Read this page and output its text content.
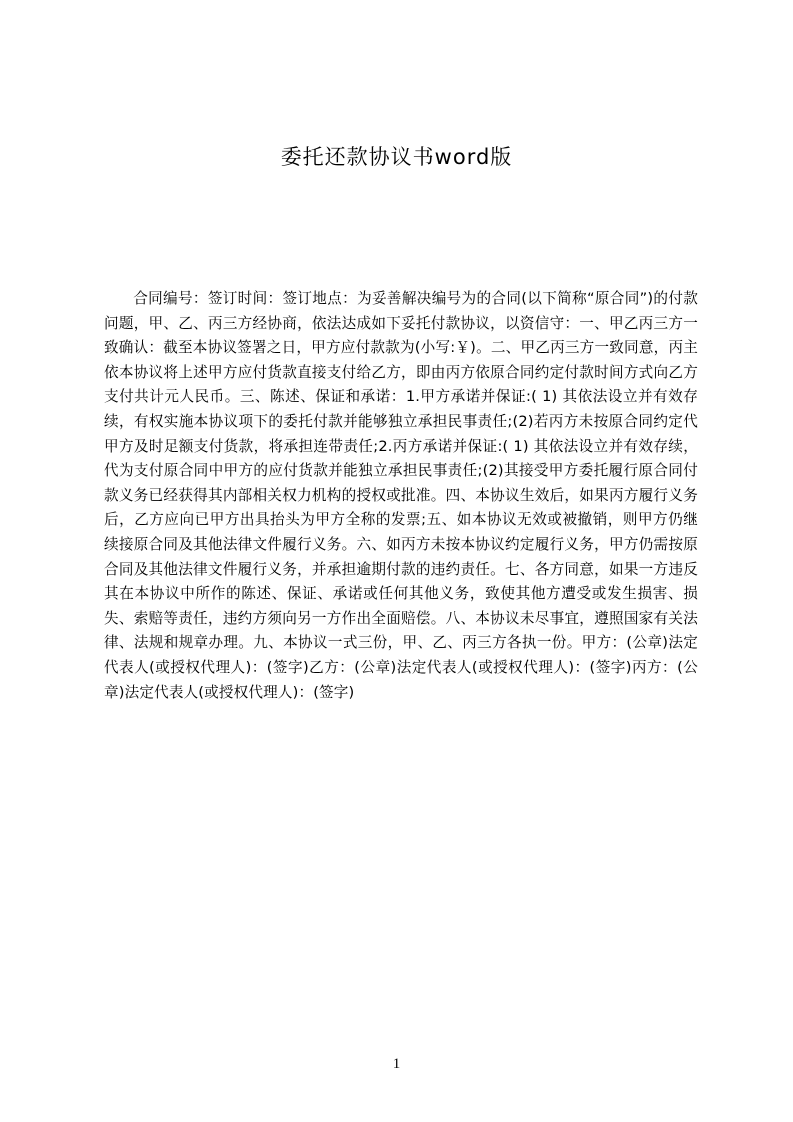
委托还款协议书word版

合同编号：签订时间：签订地点：为妥善解决编号为的合同(以下简称“原合同”)的付款问题，甲、乙、丙三方经协商，依法达成如下妥托付款协议，以资信守：一、甲乙丙三方一致确认：截至本协议签署之日，甲方应付款款为(小写:￥)。二、甲乙丙三方一致同意，丙主依本协议将上述甲方应付货款直接支付给乙方，即由丙方依原合同约定付款时间方式向乙方支付共计元人民币。三、陈述、保证和承诺：1.甲方承诺并保证:( 1) 其依法设立并有效存续，有权实施本协议项下的委托付款并能够独立承担民事责任;(2)若丙方未按原合同约定代甲方及时足额支付货款，将承担连带责任;2.丙方承诺并保证:( 1) 其依法设立并有效存续，代为支付原合同中甲方的应付货款并能独立承担民事责任;(2)其接受甲方委托履行原合同付款义务已经获得其内部相关权力机构的授权或批准。四、本协议生效后，如果丙方履行义务后，乙方应向已甲方出具抬头为甲方全称的发票;五、如本协议无效或被撤销，则甲方仍继续接原合同及其他法律文件履行义务。六、如丙方未按本协议约定履行义务，甲方仍需按原合同及其他法律文件履行义务，并承担逾期付款的违约责任。七、各方同意，如果一方违反其在本协议中所作的陈述、保证、承诺或任何其他义务，致使其他方遭受或发生损害、损失、索赔等责任，违约方须向另一方作出全面赔偿。八、本协议未尽事宜，遵照国家有关法律、法规和规章办理。九、本协议一式三份，甲、乙、丙三方各执一份。甲方：(公章)法定代表人(或授权代理人)：(签字)乙方：(公章)法定代表人(或授权代理人)：(签字)丙方：(公章)法定代表人(或授权代理人)：(签字)

1
